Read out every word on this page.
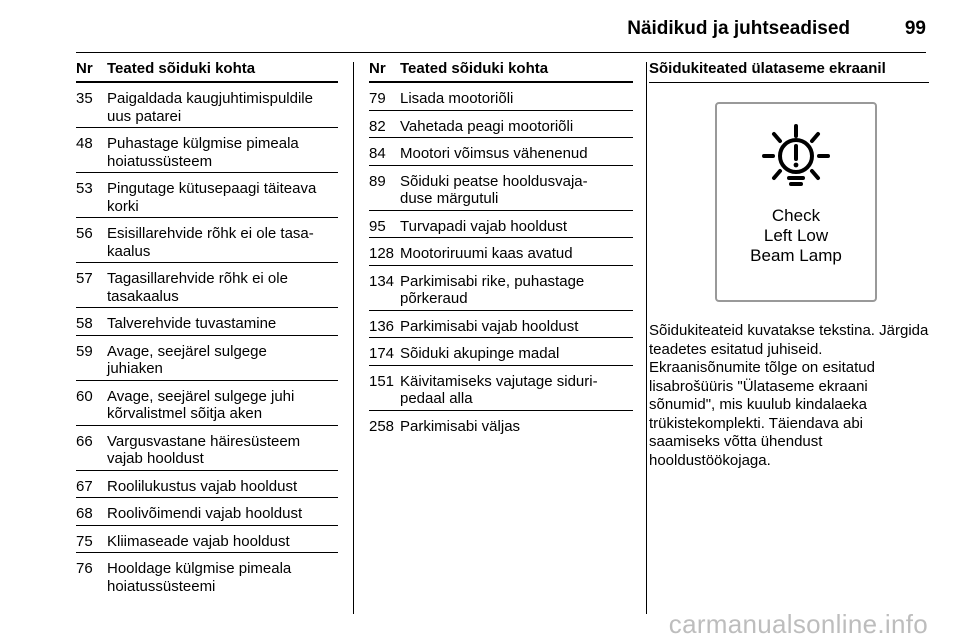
Näidikud ja juhtseadised	99
Nr Teated sõiduki kohta
35 Paigaldada kaugjuhtimispuldile
uus patarei
48 Puhastage külgmise pimeala
hoiatussüsteem
53 Pingutage kütusepaagi täiteava
korki
56 Esisillarehvide rõhk ei ole tasa-
kaalus
57 Tagasillarehvide rõhk ei ole
tasakaalus
58 Talverehvide tuvastamine
59 Avage, seejärel sulgege
juhiaken
60 Avage, seejärel sulgege juhi
kõrvalistmel sõitja aken
66 Vargusvastane häiresüsteem
vajab hooldust
67 Roolilukustus vajab hooldust
68 Roolivõimendi vajab hooldust
75 Kliimaseade vajab hooldust
76 Hooldage külgmise pimeala
hoiatussüsteemi
Nr Teated sõiduki kohta
79 Lisada mootoriõli
82 Vahetada peagi mootoriõli
84 Mootori võimsus vähenenud
89 Sõiduki peatse hooldusvaja-
duse märgutuli
95 Turvapadi vajab hooldust
128 Mootoriruumi kaas avatud
134 Parkimisabi rike, puhastage
põrkeraud
136 Parkimisabi vajab hooldust
174 Sõiduki akupinge madal
151 Käivitamiseks vajutage siduri-
pedaal alla
258 Parkimisabi väljas
Sõidukiteated ülataseme ekraanil
Check
Left Low
Beam Lamp
Sõidukiteateid kuvatakse tekstina. Järgida teadetes esitatud juhiseid. Ekraanisõnumite tõlge on esitatud lisabrošüüris "Ülataseme ekraani sõnumid", mis kuulub kindalaeka trükistekomplekti. Täiendava abi saamiseks võtta ühendust hooldustöökojaga.
carmanualsonline.info
